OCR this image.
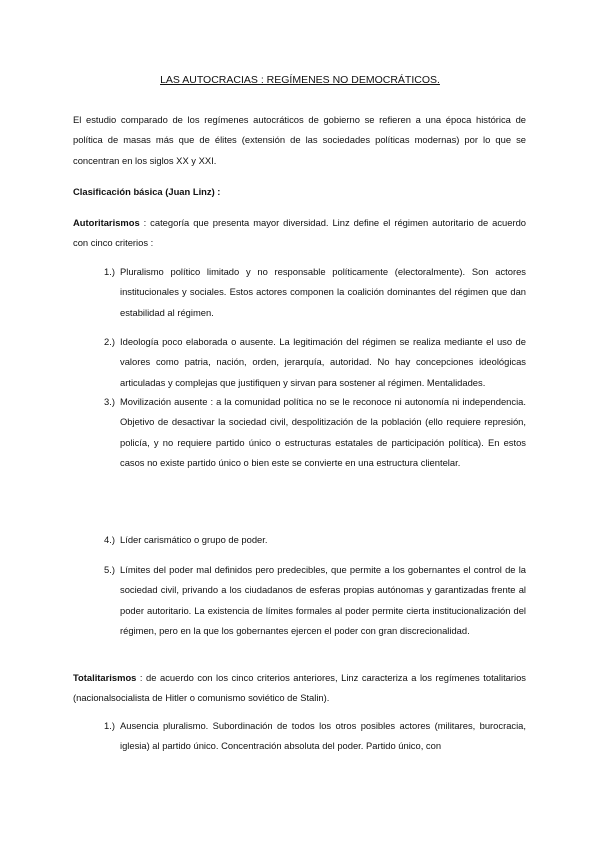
LAS AUTOCRACIAS : REGÍMENES NO DEMOCRÁTICOS.

El estudio comparado de los regímenes autocráticos de gobierno se refieren a una época histórica de política de masas más que de élites (extensión de las sociedades políticas modernas) por lo que se concentran en los siglos XX y XXI.

Clasificación básica (Juan Linz) :

Autoritarismos : categoría que presenta mayor diversidad. Linz define el régimen autoritario de acuerdo con cinco criterios :

1.) Pluralismo político limitado y no responsable políticamente (electoralmente). Son actores institucionales y sociales. Estos actores componen la coalición dominantes del régimen que dan estabilidad al régimen.
2.) Ideología poco elaborada o ausente. La legitimación del régimen se realiza mediante el uso de valores como patria, nación, orden, jerarquía, autoridad. No hay concepciones ideológicas articuladas y complejas que justifiquen y sirvan para sostener al régimen. Mentalidades.
3.) Movilización ausente : a la comunidad política no se le reconoce ni autonomía ni independencia. Objetivo de desactivar la sociedad civil, despolitización de la población (ello requiere represión, policía, y no requiere partido único o estructuras estatales de participación política). En estos casos no existe partido único o bien este se convierte en una estructura clientelar.
4.) Líder carismático o grupo de poder.
5.) Límites del poder mal definidos pero predecibles, que permite a los gobernantes el control de la sociedad civil, privando a los ciudadanos de esferas propias autónomas y garantizadas frente al poder autoritario. La existencia de límites formales al poder permite cierta institucionalización del régimen, pero en la que los gobernantes ejercen el poder con gran discrecionalidad.

Totalitarismos : de acuerdo con los cinco criterios anteriores, Linz caracteriza a los regímenes totalitarios (nacionalsocialista de Hitler o comunismo soviético de Stalin).

1.) Ausencia pluralismo. Subordinación de todos los otros posibles actores (militares, burocracia, iglesia) al partido único. Concentración absoluta del poder. Partido único, con
